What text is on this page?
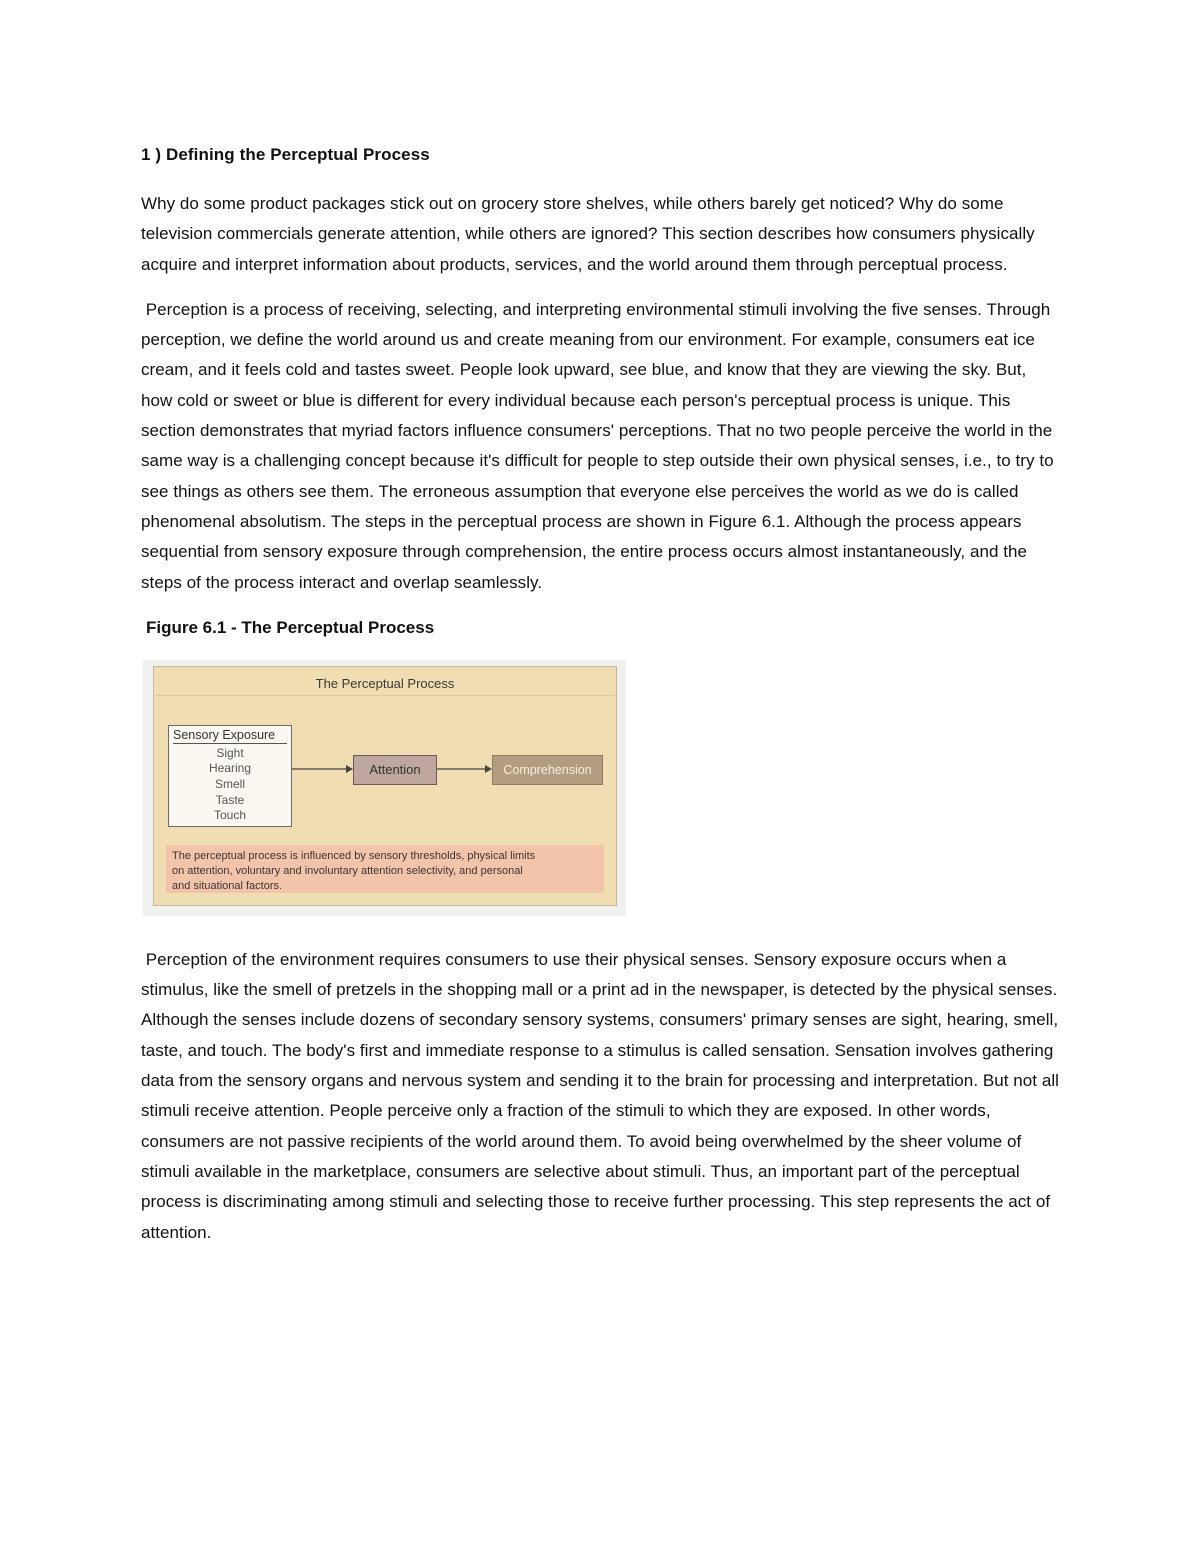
1 ) Defining the Perceptual Process

Why do some product packages stick out on grocery store shelves, while others barely get noticed? Why do some television commercials generate attention, while others are ignored? This section describes how consumers physically acquire and interpret information about products, services, and the world around them through perceptual process.

Perception is a process of receiving, selecting, and interpreting environmental stimuli involving the five senses. Through perception, we define the world around us and create meaning from our environment. For example, consumers eat ice cream, and it feels cold and tastes sweet. People look upward, see blue, and know that they are viewing the sky. But, how cold or sweet or blue is different for every individual because each person's perceptual process is unique. This section demonstrates that myriad factors influence consumers' perceptions. That no two people perceive the world in the same way is a challenging concept because it's difficult for people to step outside their own physical senses, i.e., to try to see things as others see them. The erroneous assumption that everyone else perceives the world as we do is called phenomenal absolutism. The steps in the perceptual process are shown in Figure 6.1. Although the process appears sequential from sensory exposure through comprehension, the entire process occurs almost instantaneously, and the steps of the process interact and overlap seamlessly.

Figure 6.1 - The Perceptual Process
The Perceptual Process
Sensory Exposure
Sight
Hearing
Smell
Taste
Touch
Attention	Comprehension
The perceptual process is influenced by sensory thresholds, physical limits
on attention, voluntary and involuntary attention selectivity, and personal
and situational factors.

Perception of the environment requires consumers to use their physical senses. Sensory exposure occurs when a stimulus, like the smell of pretzels in the shopping mall or a print ad in the newspaper, is detected by the physical senses. Although the senses include dozens of secondary sensory systems, consumers' primary senses are sight, hearing, smell, taste, and touch. The body's first and immediate response to a stimulus is called sensation. Sensation involves gathering data from the sensory organs and nervous system and sending it to the brain for processing and interpretation. But not all stimuli receive attention. People perceive only a fraction of the stimuli to which they are exposed. In other words, consumers are not passive recipients of the world around them. To avoid being overwhelmed by the sheer volume of stimuli available in the marketplace, consumers are selective about stimuli. Thus, an important part of the perceptual process is discriminating among stimuli and selecting those to receive further processing. This step represents the act of attention.
